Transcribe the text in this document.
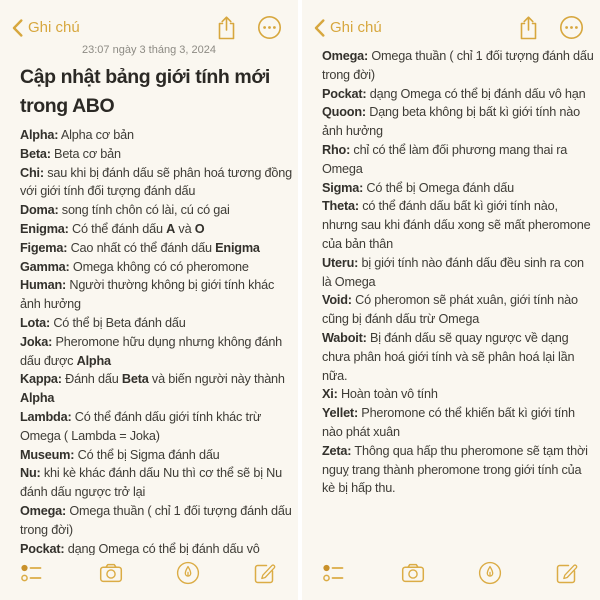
Ghi chú
23:07 ngày 3 tháng 3, 2024
Cập nhật bảng giới tính mới trong ABO

Alpha: Alpha cơ bản

Beta: Beta cơ bản

Chi: sau khi bị đánh dấu sẽ phân hoá tương đồng với giới tính đối tượng đánh dấu

Doma: song tính chôn có lài, cú có gai

Enigma: Có thể đánh dấu A và O

Figema: Cao nhất có thể đánh dấu Enigma

Gamma: Omega không có có pheromone

Human: Người thường không bị giới tính khác ảnh hưởng

Lota: Có thể bị Beta đánh dấu

Joka: Pheromone hữu dụng nhưng không đánh dấu được Alpha

Kappa: Đánh dấu Beta và biến người này thành Alpha

Lambda: Có thể đánh dấu giới tính khác trừ Omega ( Lambda = Joka)

Museum: Có thể bị Sigma đánh dấu

Nu: khi kè khác đánh dấu Nu thì cơ thể sẽ bị Nu đánh dấu ngược trở lại

Omega: Omega thuần ( chỉ 1 đối tượng đánh dấu trong đời)

Pockat: dạng Omega có thể bị đánh dấu vô

Ghi chú

Omega: Omega thuần ( chỉ 1 đối tượng đánh dấu trong đời)

Pockat: dạng Omega có thể bị đánh dấu vô hạn

Quoon: Dạng beta không bị bất kì giới tính nào ảnh hưởng

Rho: chỉ có thể làm đối phương mang thai ra Omega

Sigma: Có thể bị Omega đánh dấu

Theta: có thể đánh dấu bất kì giới tính nào, nhưng sau khi đánh dấu xong sẽ mất pheromone của bản thân

Uteru: bị giới tính nào đánh dấu đều sinh ra con là Omega

Void: Có pheromon sẽ phát xuân, giới tính nào cũng bị đánh dấu trừ Omega

Waboit: Bị đánh dấu sẽ quay ngược về dạng chưa phân hoá giới tính và sẽ phân hoá lại lần nữa.

Xi: Hoàn toàn vô tính

Yellet: Pheromone có thể khiến bất kì giới tính nào phát xuân

Zeta: Thông qua hấp thu pheromone sẽ tạm thời nguỵ trang thành pheromone trong giới tính của kè bị hấp thu.
